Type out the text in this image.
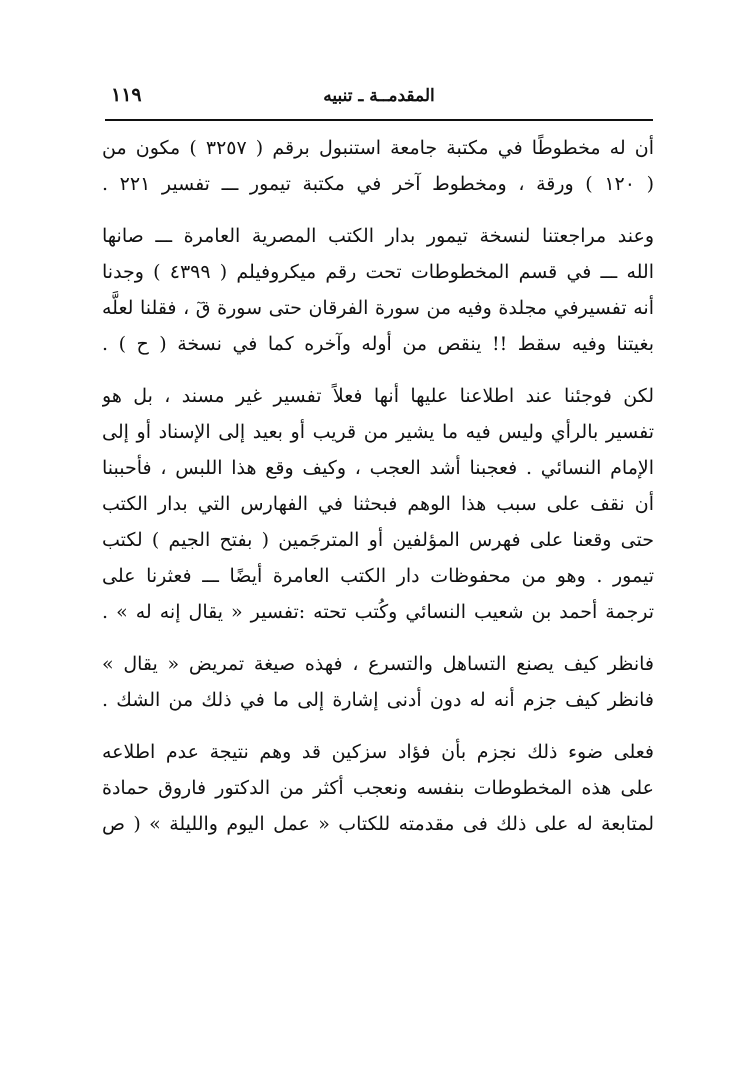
المقدمــة ـ تنبيه
١١٩
أن له مخطوطًا في مكتبة جامعة استنبول برقم ( ٣٢٥٧ ) مكون من
( ١٢٠ ) ورقة ، ومخطوط آخر في مكتبة تيمور ـــ تفسير ٢٢١ .
وعند مراجعتنا لنسخة تيمور بدار الكتب المصرية العامرة ـــ صانها
الله ـــ في قسم المخطوطات تحت رقم ميكروفيلم ( ٤٣٩٩ ) وجدنا
أنه تفسيرفي مجلدة وفيه من سورة الفرقان حتى سورة قٓ ، فقلنا لعلَّه
بغيتنا وفيه سقط !! ينقص من أوله وآخره كما في نسخة ( ح ) .
لكن فوجئنا عند اطلاعنا عليها أنها فعلاً تفسير غير مسند ، بل هو
تفسير بالرأي وليس فيه ما يشير من قريب أو بعيد إلى الإسناد أو إلى
الإمام النسائي . فعجبنا أشد العجب ، وكيف وقع هذا اللبس ، فأحببنا
أن نقف على سبب هذا الوهم فبحثنا في الفهارس التي بدار الكتب
حتى وقعنا على فهرس المؤلفين أو المترجَمين ( بفتح الجيم ) لكتب
تيمور . وهو من محفوظات دار الكتب العامرة أيضًا ـــ فعثرنا على
ترجمة أحمد بن شعيب النسائي وكُتب تحته :تفسير « يقال إنه له » .
فانظر كيف يصنع التساهل والتسرع ، فهذه صيغة تمريض « يقال »
فانظر كيف جزم أنه له دون أدنى إشارة إلى ما في ذلك من الشك .
فعلى ضوء ذلك نجزم بأن فؤاد سزكين قد وهم نتيجة عدم اطلاعه
على هذه المخطوطات بنفسه ونعجب أكثر من الدكتور فاروق حمادة
لمتابعة له على ذلك فى مقدمته للكتاب « عمل اليوم والليلة » ( ص
